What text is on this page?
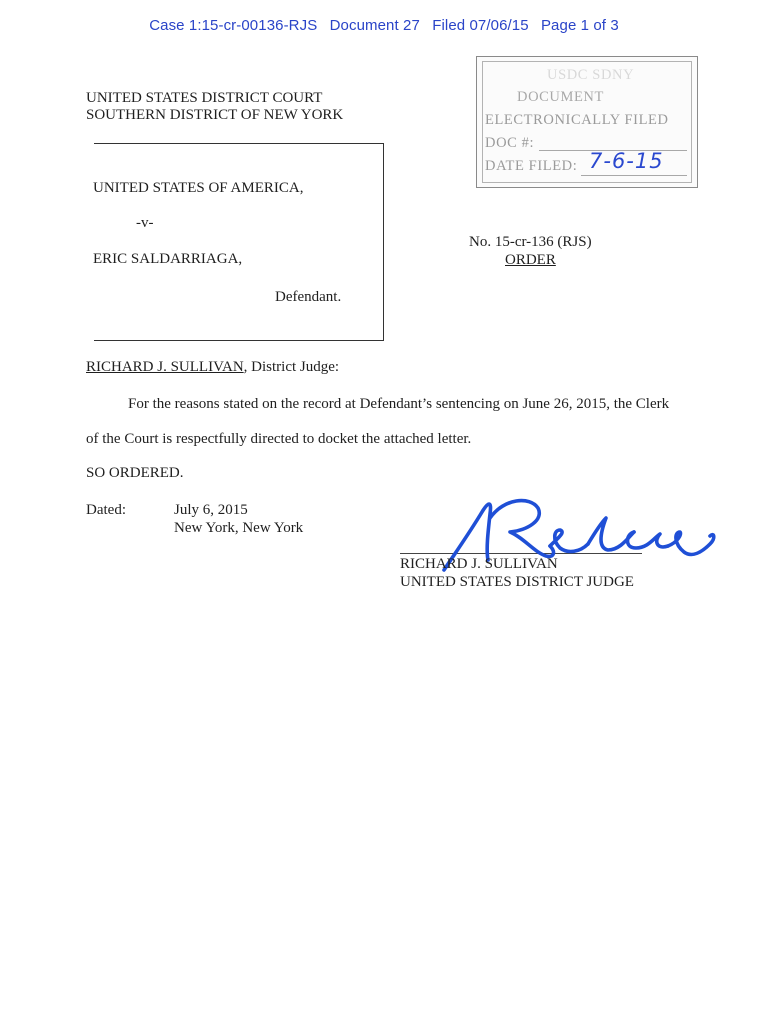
Case 1:15-cr-00136-RJS Document 27 Filed 07/06/15 Page 1 of 3
UNITED STATES DISTRICT COURT
SOUTHERN DISTRICT OF NEW YORK
USDC SDNY
DOCUMENT
ELECTRONICALLY FILED
DOC #:
DATE FILED: 7-6-15
UNITED STATES OF AMERICA,
-v-
ERIC SALDARRIAGA,
Defendant.
No. 15-cr-136 (RJS)
ORDER
RICHARD J. SULLIVAN, District Judge:
For the reasons stated on the record at Defendant’s sentencing on June 26, 2015, the Clerk
of the Court is respectfully directed to docket the attached letter.
SO ORDERED.
Dated:	July 6, 2015
New York, New York
RICHARD J. SULLIVAN
UNITED STATES DISTRICT JUDGE
